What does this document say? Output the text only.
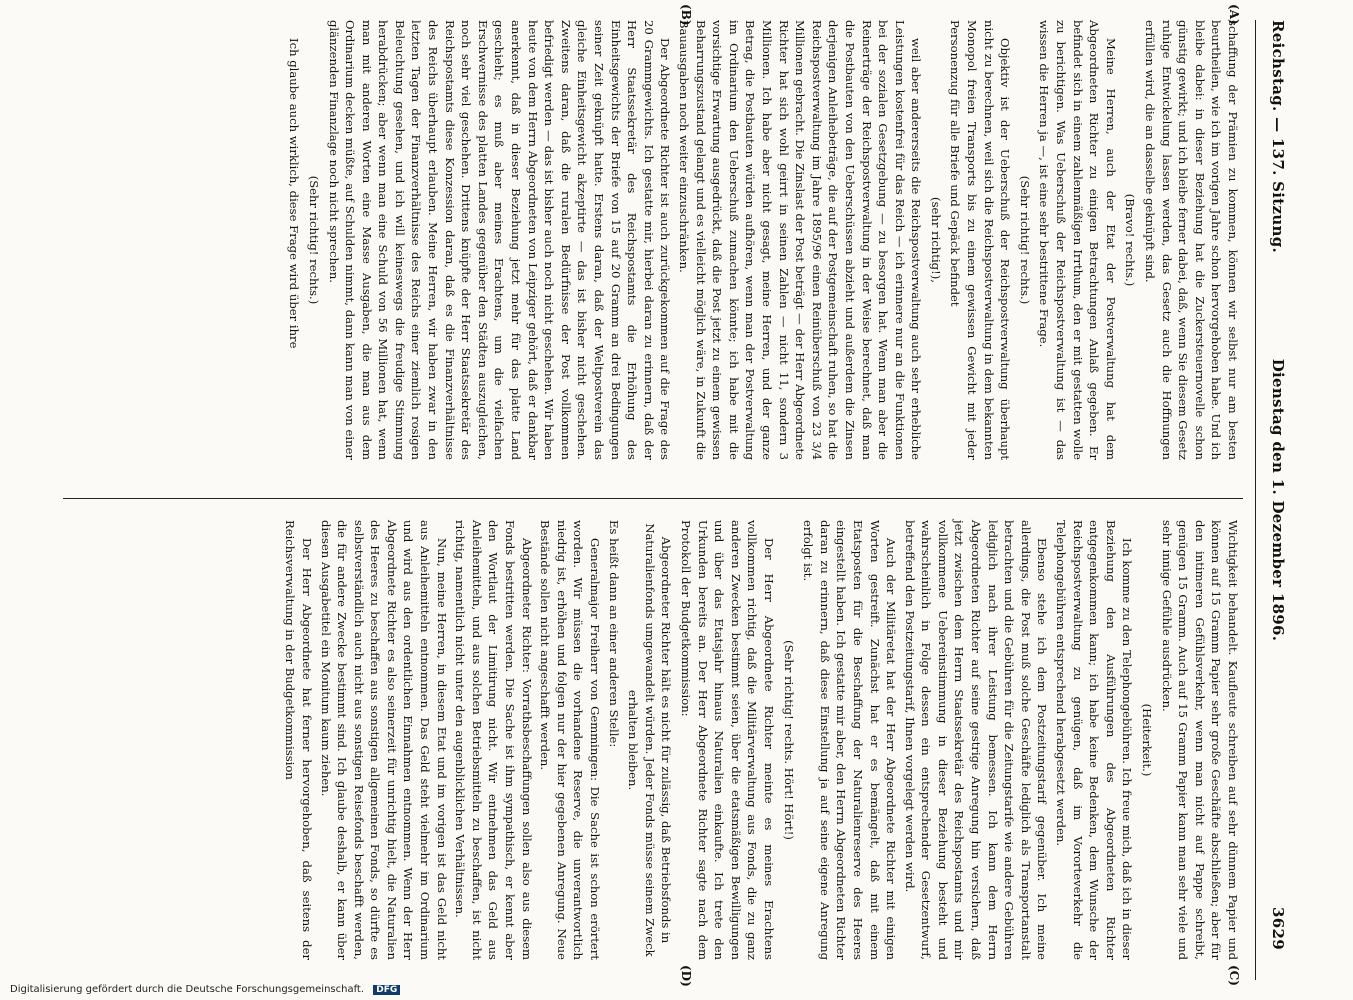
Reichstag. — 137. Sitzung.
Dienstag den 1. Dezember 1896.
3629
(A)
(B)
(C)
(D)

schaffung der Prämien zu kommen, können wir selbst nur am besten beurtheilen, wie ich im vorigen Jahre schon hervorgehoben habe. Und ich bleibe dabei: in dieser Beziehung hat die Zuckersteuernovelle schon günstig gewirkt; und ich bleibe ferner dabei, daß, wenn Sie diesem Gesetz ruhige Entwickelung lassen werden, das Gesetz auch die Hoffnungen erfüllen wird, die an dasselbe geknüpft sind.

(Bravo! rechts.)

Meine Herren, auch der Etat der Postverwaltung hat dem Abgeordneten Richter zu einigen Betrachtungen Anlaß gegeben. Er befindet sich in einem zahlenmäßigen Irrthum, den er mit gestatten wolle zu berichtigen. Was Ueberschuß der Reichspostverwaltung ist — das wissen die Herren ja —, ist eine sehr bestrittene Frage.

(Sehr richtig! rechts.)

Objektiv ist der Ueberschuß der Reichspostverwaltung überhaupt nicht zu berechnen, weil sich die Reichspostverwaltung in dem bekannten Monopol freien Transports bis zu einem gewissen Gewicht mit jeder Personenzug für alle Briefe und Gepäck befindet

(sehr richtig!),

weil aber andererseits die Reichspostverwaltung auch sehr erhebliche Leistungen kostenfrei für das Reich — ich erinnere nur an die Funktionen bei der sozialen Gesetzgebung — zu besorgen hat. Wenn man aber die Reinerträge der Reichspostverwaltung in der Weise berechnet, daß man die Postbauten von den Ueberschüssen abzieht und außerdem die Zinsen derjenigen Anleihebeträge, die auf der Postgemeinschaft ruhen, so hat die Reichspostverwaltung im Jahre 1895/96 einen Reinüberschuß von 23 3/4 Millionen gebracht. Die Zinslast der Post beträgt — der Herr Abgeordnete Richter hat sich wohl geirrt in seinen Zahlen — nicht 11, sondern 3 Millionen. Ich habe aber nicht gesagt, meine Herren, und der ganze Betrag, die Postbauten würden aufhören, wenn man der Postverwaltung im Ordinarium den Ueberschuß zumachen könnte; ich habe mit die vorsichtige Erwartung ausgedrückt, daß die Post jetzt zu einem gewissen Beharrungszustand gelangt und es vielleicht möglich wäre, in Zukunft die Bauausgaben noch weiter einzuschränken.

Der Abgeordnete Richter ist auch zurückgekommen auf die Frage des 20 Grammgewichts. Ich gestatte mir, hierbei daran zu erinnern, daß der Herr Staatssekretär des Reichspostamts die Erhöhung des Einheitsgewichts der Briefe von 15 auf 20 Gramm an drei Bedingungen seiner Zeit geknüpft hatte. Erstens daran, daß der Weltpostverein das gleiche Einheitsgewicht akzeptirte — das ist bisher nicht geschehen. Zweitens daran, daß die ruralen Bedürfnisse der Post vollkommen befriedigt werden — das ist bisher auch noch nicht geschehen. Wir haben heute von dem Herrn Abgeordneten von Leipziger gehört, daß er dankbar anerkennt, daß in dieser Beziehung jetzt mehr für das platte Land geschieht; es muß aber meines Erachtens, um die vielfachen Erschwernisse des platten Landes gegenüber den Städten auszugleichen, noch sehr viel geschehen. Drittens knüpfte der Herr Staatssekretär des Reichspostamts diese Konzession daran, daß es die Finanzverhältnisse des Reichs überhaupt erlauben. Meine Herren, wir haben zwar in den letzten Tagen der Finanzverhältnisse des Reichs einer ziemlich rosigen Beleuchtung gesehen, und ich will keineswegs die freudige Stimmung herabdrücken; aber wenn man eine Schuld von 56 Millionen hat, wenn man mit anderen Worten eine Masse Ausgaben, die man aus dem Ordinarium decken müßte, auf Schulden nimmt, dann kann man von einer glänzenden Finanzlage noch nicht sprechen.

(Sehr richtig! rechts.)

Ich glaube auch wirklich, diese Frage wird über ihre

Wichtigkeit behandelt. Kaufleute schreiben auf sehr dünnem Papier und können auf 15 Gramm Papier sehr große Geschäfte abschließen; aber für den intimeren Gefühlsverkehr, wenn man nicht auf Pappe schreibt, genügen 15 Gramm. Auch auf 15 Gramm Papier kann man sehr viele und sehr innige Gefühle ausdrücken.

(Heiterkeit.)

Ich komme zu den Telephongebühren. Ich freue mich, daß ich in dieser Beziehung den Ausführungen des Abgeordneten Richter entgegenkommen kann; ich habe keine Bedenken, dem Wunsche der Reichspostverwaltung zu genügen, daß im Vororteverkehr die Telephongebühren entsprechend herabgesetzt werden.

Ebenso stehe ich dem Postzeitungstarif gegenüber. Ich meine allerdings, die Post muß solche Geschäfte lediglich als Transportanstalt betrachten und die Gebühren für die Zeitungstarife wie andere Gebühren lediglich nach ihrer Leistung bemessen. Ich kann dem Herrn Abgeordneten Richter auf seine gestrige Anregung hin versichern, daß jetzt zwischen dem Herrn Staatssekretär des Reichspostamts und mir vollkommene Uebereinstimmung in dieser Beziehung besteht und wahrscheinlich in Folge dessen ein entsprechender Gesetzentwurf, betreffend den Postzeitungstarif, Ihnen vorgelegt werden wird.

Auch der Militäretat hat der Herr Abgeordnete Richter mit einigen Worten gestreift. Zunächst hat er es bemängelt, daß mit einem Etatsposten für die Beschaffung der Naturalienreserve des Heeres eingestellt haben. Ich gestatte mir aber, den Herrn Abgeordneten Richter daran zu erinnern, daß diese Einstellung ja auf seine eigene Anregung erfolgt ist.

(Sehr richtig! rechts. Hört! Hört!)

Der Herr Abgeordnete Richter meinte es meines Erachtens vollkommen richtig, daß die Militärverwaltung aus Fonds, die zu ganz anderen Zwecken bestimmt seien, über die etatsmäßigen Bewilligungen und über das Etatsjahr hinaus Naturalien einkaufte. Ich trete den Urkunden bereits an. Der Herr Abgeordnete Richter sagte nach dem Protokoll der Budgetkommission:

Abgeordneter Richter hält es nicht für zulässig, daß Betriebsfonds in Naturalienfonds umgewandelt würden. Jeder Fonds müsse seinem Zweck erhalten bleiben.

Es heißt dann an einer anderen Stelle:

Generalmajor Freiherr von Gemmingen: Die Sache ist schon erörtert worden. Wir müssen die vorhandene Reserve, die unverantwortlich niedrig ist, erhöhen und folgen nur der hier gegebenen Anregung. Neue Bestände sollen nicht angeschafft werden.

Abgeordneter Richter: Vorrathsbeschaffungen sollen also aus diesem Fonds bestritten werden. Die Sache ist ihm sympathisch, er kennt aber den Wortlaut der Limitirung nicht. Wir entnehmen das Geld aus Anleihemitteln, und aus solchen Betriebsmitteln zu beschaffen, ist nicht richtig, namentlich nicht unter den augenblicklichen Verhältnissen.

Nun, meine Herren, in diesem Etat und im vorigen ist das Geld nicht aus Anleihemitteln entnommen. Das Geld steht vielmehr im Ordinarium und wird aus den ordentlichen Einnahmen entnommen. Wenn der Herr Abgeordnete Richter es also seinerzeit für unrichtig hielt, die Naturalien des Heeres zu beschaffen aus sonstigen allgemeinen Fonds, so dürfte es selbstverständlich auch nicht aus sonstigen Reisefonds beschafft werden, die für andere Zwecke bestimmt sind. Ich glaube deshalb, er kann über diesen Ausgabetitel ein Monitum kaum ziehen.

Der Herr Abgeordnete hat ferner hervorgehoben, daß seitens der Reichsverwaltung in der Budgetkommission

Digitalisierung gefördert durch die Deutsche Forschungsgemeinschaft. DFG
